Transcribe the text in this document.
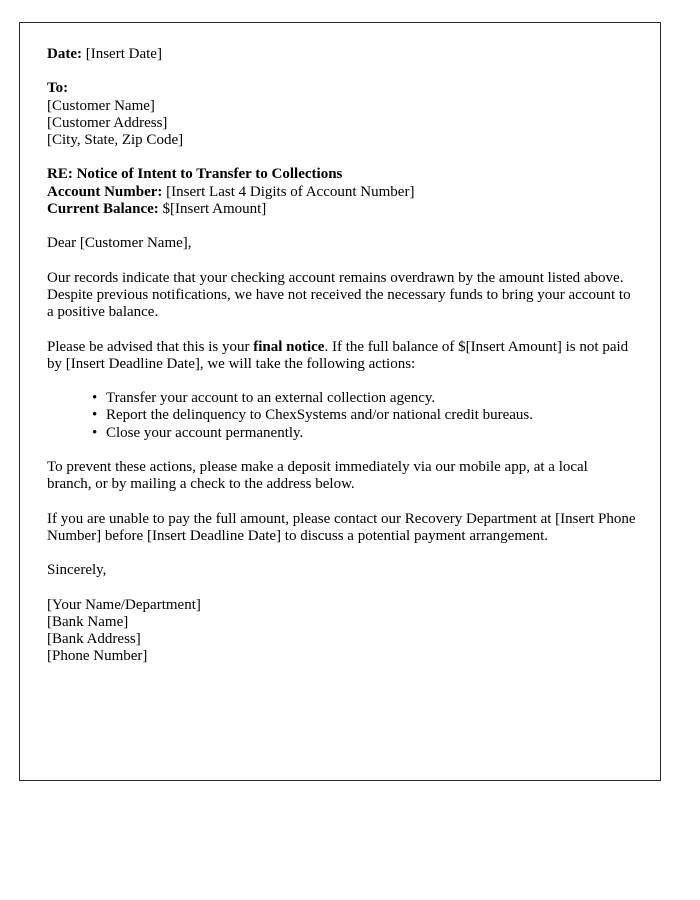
Date: [Insert Date]
To:
[Customer Name]
[Customer Address]
[City, State, Zip Code]
RE: Notice of Intent to Transfer to Collections
Account Number: [Insert Last 4 Digits of Account Number]
Current Balance: $[Insert Amount]
Dear [Customer Name],

Our records indicate that your checking account remains overdrawn by the amount listed above. Despite previous notifications, we have not received the necessary funds to bring your account to a positive balance.

Please be advised that this is your final notice. If the full balance of $[Insert Amount] is not paid by [Insert Deadline Date], we will take the following actions:

• Transfer your account to an external collection agency.
• Report the delinquency to ChexSystems and/or national credit bureaus.
• Close your account permanently.

To prevent these actions, please make a deposit immediately via our mobile app, at a local branch, or by mailing a check to the address below.

If you are unable to pay the full amount, please contact our Recovery Department at [Insert Phone Number] before [Insert Deadline Date] to discuss a potential payment arrangement.

Sincerely,
[Your Name/Department]
[Bank Name]
[Bank Address]
[Phone Number]
